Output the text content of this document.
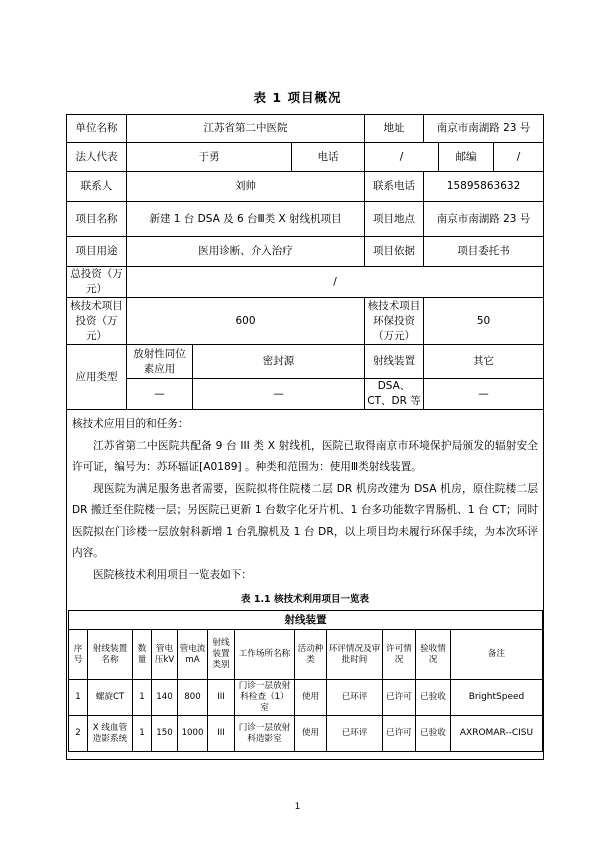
表 1 项目概况
单位名称	江苏省第二中医院	地址	南京市南湖路 23 号
法人代表	于勇	电话	/	邮编	/

联系人	刘帅	联系电话	15895863632
项目名称	新建 1 台 DSA 及 6 台Ⅲ类 X 射线机项目	项目地点	南京市南湖路 23 号
项目用途	医用诊断、介入治疗	项目依据	项目委托书
总投资（万元）	/
核技术项目投资（万元）	600	核技术项目环保投资（万元）	50
应用类型	放射性同位素应用	密封源	射线装置	其它
—	—	DSA、CT、DR 等	—

核技术应用目的和任务：

江苏省第二中医院共配备 9 台 III 类 X 射线机，医院已取得南京市环境保护局颁发的辐射安全许可证，编号为：苏环辐证[A0189] 。种类和范围为：使用Ⅲ类射线装置。

现医院为满足服务患者需要，医院拟将住院楼二层 DR 机房改建为 DSA 机房，原住院楼二层 DR 搬迁至住院楼一层；另医院已更新 1 台数字化牙片机、1 台多功能数字胃肠机、1 台 CT；同时医院拟在门诊楼一层放射科新增 1 台乳腺机及 1 台 DR，以上项目均未履行环保手续，为本次环评内容。

医院核技术利用项目一览表如下：

表 1.1 核技术利用项目一览表
射线装置
序号	射线装置名称	数量	管电压kV	管电流mA	射线装置类别	工作场所名称	活动种类	环评情况及审批时间	许可情况	验收情况	备注
1	螺旋CT	1	140	800	III	门诊一层放射科检查（1）室	使用	已环评	已许可	已验收	BrightSpeed
2	X 线血管造影系统	1	150	1000	III	门诊一层放射科造影室	使用	已环评	已许可	已验收	AXROMAR--CISU
1
